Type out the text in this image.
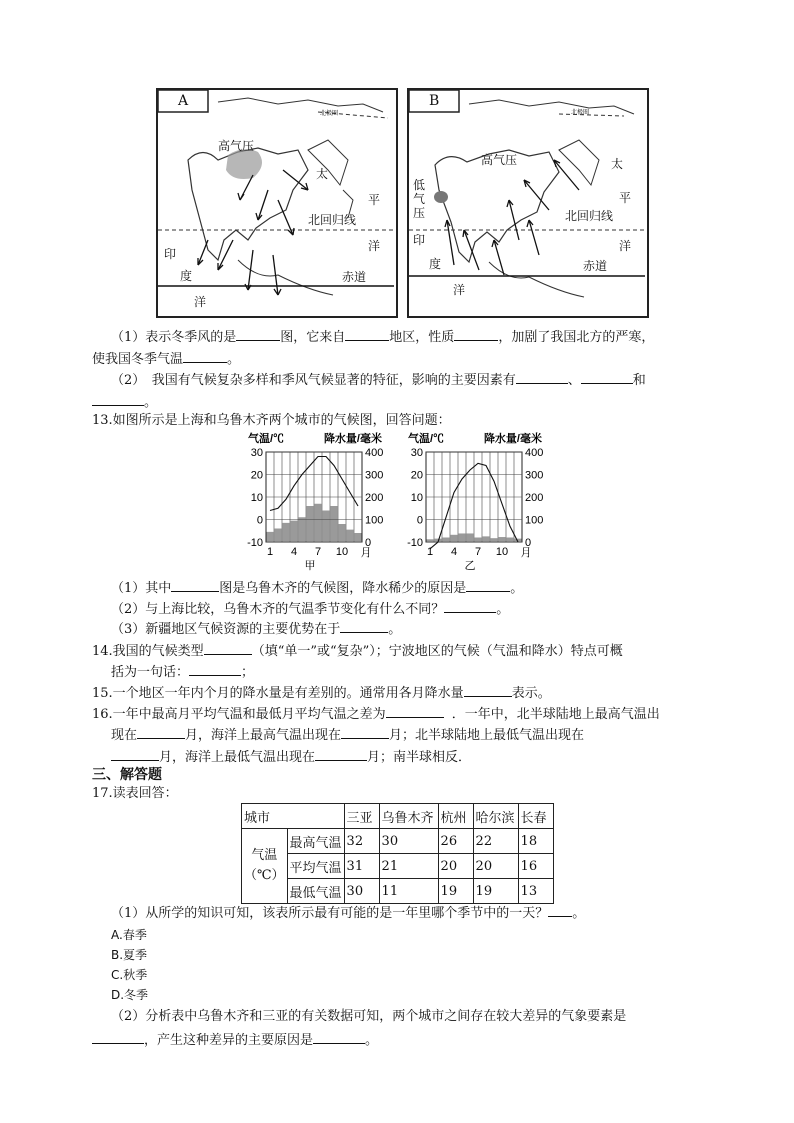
A
北极圈
高气压
太
平
北回归线
洋
印
度	赤道
洋
B
北极圈
高气压
低气压
太
平
北回归线
洋
印
度	赤道
洋
（1）表示冬季风的是	图，它来自	地区，性质	，加剧了我国北方的严寒，
使我国冬季气温	。
（2）　我国有气候复杂多样和季风气候显著的特征，影响的主要因素有	、	和
。
13.如图所示是上海和乌鲁木齐两个城市的气候图，回答问题：
30
20
10
0
-10
400
300
200
100
0
气温/℃	降水量/毫米
1 4 7 10 月
甲
30
20
10
0
-10
400
300
200
100
0
气温/℃	降水量/毫米
1 4 7 10 月
乙
（1）其中	图是乌鲁木齐的气候图，降水稀少的原因是	。
（2）与上海比较，乌鲁木齐的气温季节变化有什么不同？	。
（3）新疆地区气候资源的主要优势在于	。
14.我国的气候类型	（填“单一”或“复杂”）；宁波地区的气候（气温和降水）特点可概
括为一句话：	；
15.一个地区一年内个月的降水量是有差别的。通常用各月降水量	表示。
16.一年中最高月平均气温和最低月平均气温之差为	．一年中，北半球陆地上最高气温出
现在	月，海洋上最高气温出现在	月；北半球陆地上最低气温出现在
月，海洋上最低气温出现在	月；南半球相反．
三、解答题
17.读表回答：
城市		三亚	乌鲁木齐	杭州	哈尔滨	长春
气温（℃）	最高气温	32	30	26	22	18
	平均气温	31	21	20	20	16
	最低气温	30	11	19	19	13
（1）从所学的知识可知，该表所示最有可能的是一年里哪个季节中的一天？ 。
A.春季
B.夏季
C.秋季
D.冬季
（2）分析表中乌鲁木齐和三亚的有关数据可知，两个城市之间存在较大差异的气象要素是
，产生这种差异的主要原因是	。
